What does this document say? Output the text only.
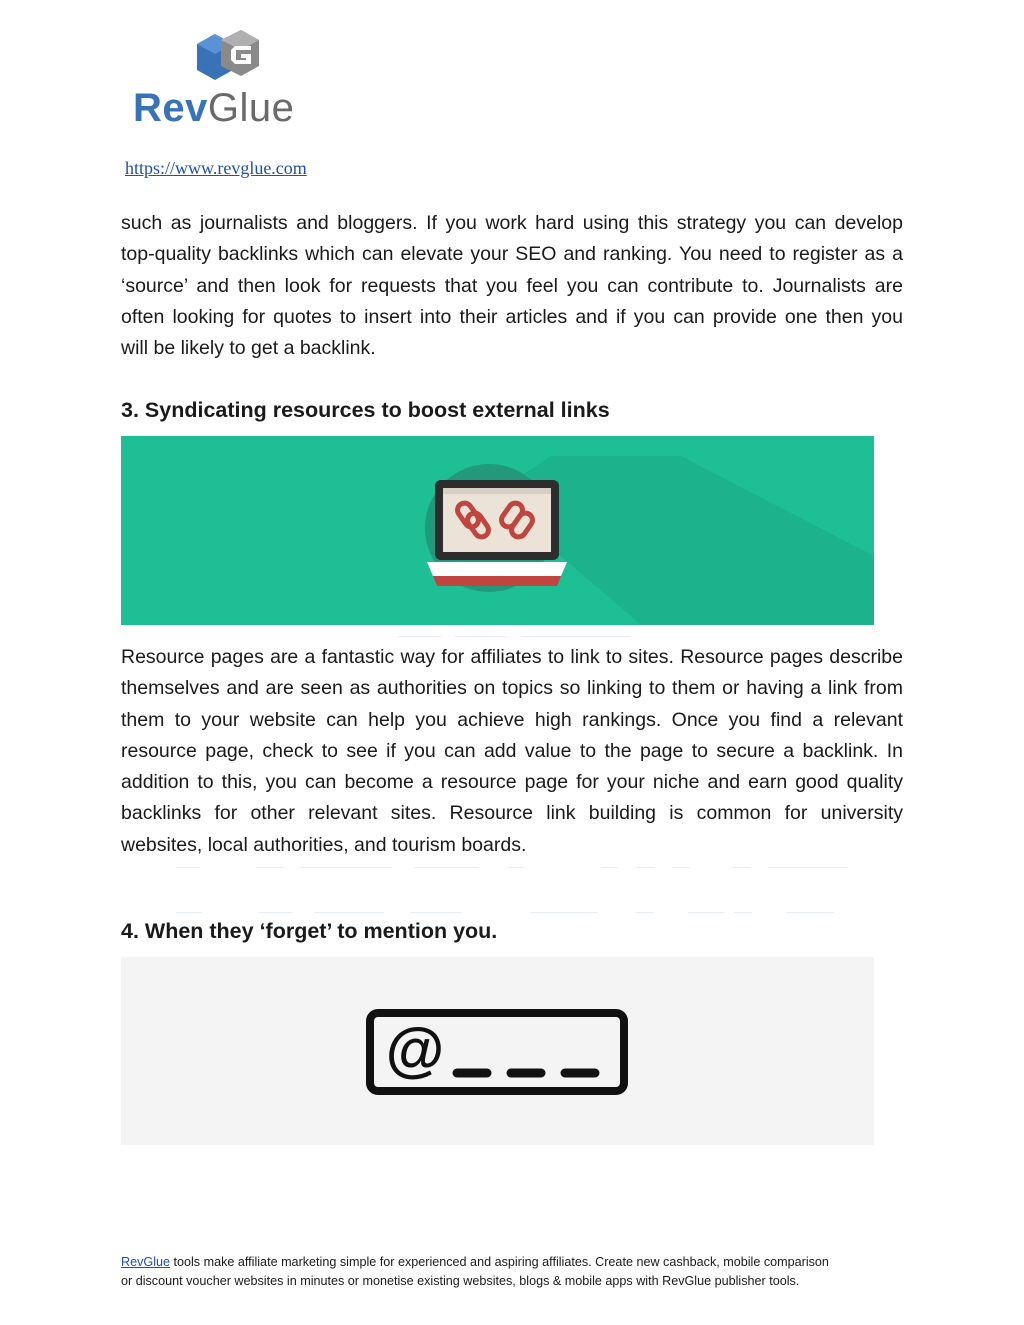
RevGlue
https://www.revglue.com

such as journalists and bloggers. If you work hard using this strategy you can develop
top-quality backlinks which can elevate your SEO and ranking. You need to register as a
‘source’ and then look for requests that you feel you can contribute to. Journalists are
often looking for quotes to insert into their articles and if you can provide one then you
will be likely to get a backlink.

3. Syndicating resources to boost external links

Resource pages are a fantastic way for affiliates to link to sites. Resource pages describe
themselves and are seen as authorities on topics so linking to them or having a link from
them to your website can help you achieve high rankings. Once you find a relevant
resource page, check to see if you can add value to the page to secure a backlink. In
addition to this, you can become a resource page for your niche and earn good quality
backlinks for other relevant sites. Resource link building is common for university
websites, local authorities, and tourism boards.

4. When they ‘forget’ to mention you.
@
RevGlue tools make affiliate marketing simple for experienced and aspiring affiliates. Create new cashback, mobile comparison
or discount voucher websites in minutes or monetise existing websites, blogs & mobile apps with RevGlue publisher tools.
